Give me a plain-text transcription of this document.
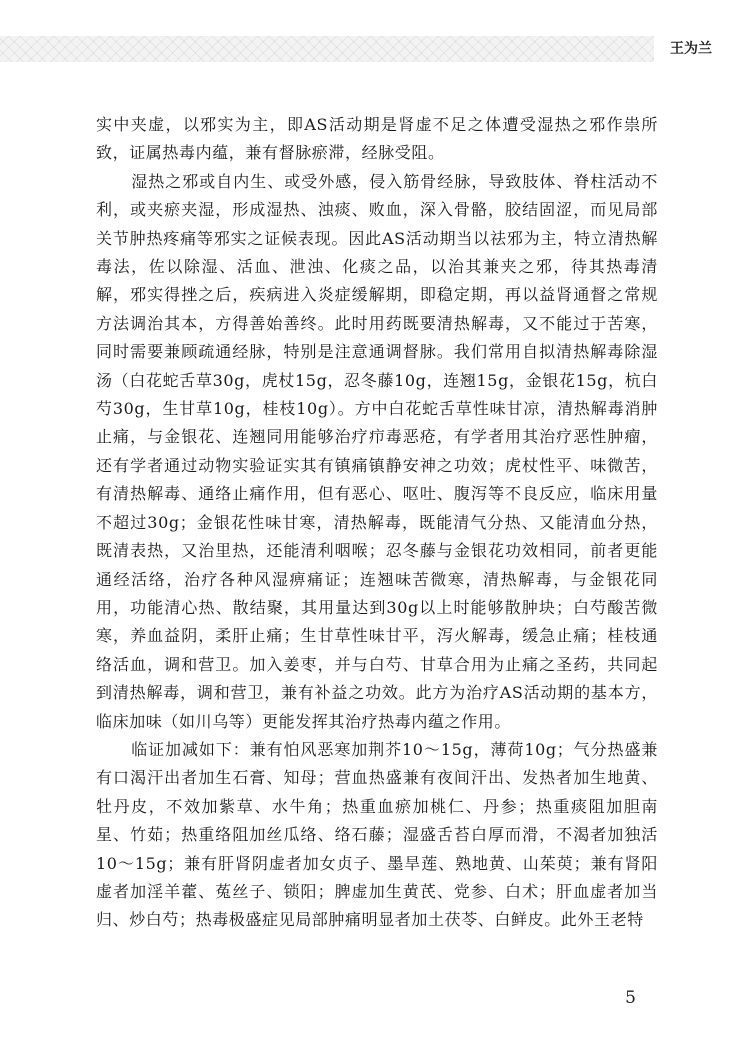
王为兰

实中夹虚，以邪实为主，即AS活动期是肾虚不足之体遭受湿热之邪作祟所致，证属热毒内蕴，兼有督脉瘀滞，经脉受阻。

湿热之邪或自内生、或受外感，侵入筋骨经脉，导致肢体、脊柱活动不利，或夹瘀夹湿，形成湿热、浊痰、败血，深入骨骼，胶结固涩，而见局部关节肿热疼痛等邪实之证候表现。因此AS活动期当以祛邪为主，特立清热解毒法，佐以除湿、活血、泄浊、化痰之品，以治其兼夹之邪，待其热毒清解，邪实得挫之后，疾病进入炎症缓解期，即稳定期，再以益肾通督之常规方法调治其本，方得善始善终。此时用药既要清热解毒，又不能过于苦寒，同时需要兼顾疏通经脉，特别是注意通调督脉。我们常用自拟清热解毒除湿汤（白花蛇舌草30g，虎杖15g，忍冬藤10g，连翘15g，金银花15g，杭白芍30g，生甘草10g，桂枝10g）。方中白花蛇舌草性味甘凉，清热解毒消肿止痛，与金银花、连翘同用能够治疗疖毒恶疮，有学者用其治疗恶性肿瘤，还有学者通过动物实验证实其有镇痛镇静安神之功效；虎杖性平、味微苦，有清热解毒、通络止痛作用，但有恶心、呕吐、腹泻等不良反应，临床用量不超过30g；金银花性味甘寒，清热解毒，既能清气分热、又能清血分热，既清表热，又治里热，还能清利咽喉；忍冬藤与金银花功效相同，前者更能通经活络，治疗各种风湿痹痛证；连翘味苦微寒，清热解毒，与金银花同用，功能清心热、散结聚，其用量达到30g以上时能够散肿块；白芍酸苦微寒，养血益阴，柔肝止痛；生甘草性味甘平，泻火解毒，缓急止痛；桂枝通络活血，调和营卫。加入姜枣，并与白芍、甘草合用为止痛之圣药，共同起到清热解毒，调和营卫，兼有补益之功效。此方为治疗AS活动期的基本方，临床加味（如川乌等）更能发挥其治疗热毒内蕴之作用。

临证加减如下：兼有怕风恶寒加荆芥10～15g，薄荷10g；气分热盛兼有口渴汗出者加生石膏、知母；营血热盛兼有夜间汗出、发热者加生地黄、牡丹皮，不效加紫草、水牛角；热重血瘀加桃仁、丹参；热重痰阻加胆南星、竹茹；热重络阻加丝瓜络、络石藤；湿盛舌苔白厚而滑，不渴者加独活10～15g；兼有肝肾阴虚者加女贞子、墨旱莲、熟地黄、山茱萸；兼有肾阳虚者加淫羊藿、菟丝子、锁阳；脾虚加生黄芪、党参、白术；肝血虚者加当归、炒白芍；热毒极盛症见局部肿痛明显者加土茯苓、白鲜皮。此外王老特

5
